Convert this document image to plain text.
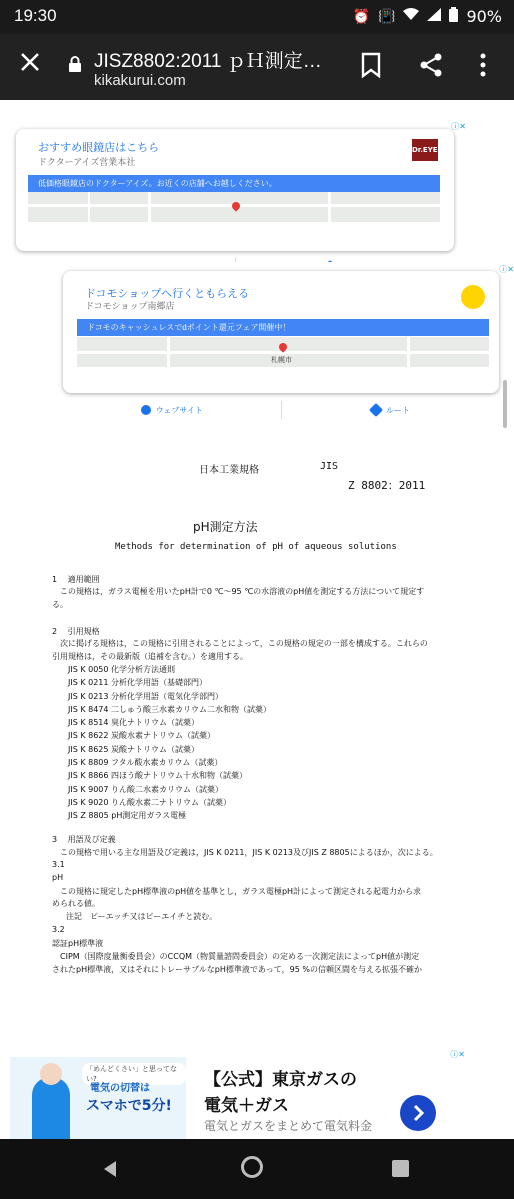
19:30	⏰ 📳	90%
JISZ8802:2011 ｐＨ測定…
kikakurui.com
ⓘ✕
おすすめ眼鏡店はこちら
ドクターアイズ営業本社
Dr.EYEs
低価格眼鏡店のドクターアイズ。お近くの店舗へお越しください。
ⓘ✕
ドコモショップへ行くともらえる
ドコモショップ南郷店
ドコモのキャッシュレスでdポイント還元フェア開催中！
札幌市
ウェブサイト	ルート
日本工業規格	JIS
Z 8802：2011
pH測定方法
Methods for determination of pH of aqueous solutions
1　 適用範囲
この規格は，ガラス電極を用いたpH計で0 ℃～95 ℃の水溶液のpH値を測定する方法について規定す
る。
2　 引用規格
次に掲げる規格は，この規格に引用されることによって，この規格の規定の一部を構成する。これらの
引用規格は，その最新版（追補を含む。）を適用する。
JIS K 0050 化学分析方法通則
JIS K 0211 分析化学用語（基礎部門）
JIS K 0213 分析化学用語（電気化学部門）
JIS K 8474 二しゅう酸三水素カリウム二水和物（試薬）
JIS K 8514 臭化ナトリウム（試薬）
JIS K 8622 炭酸水素ナトリウム（試薬）
JIS K 8625 炭酸ナトリウム（試薬）
JIS K 8809 フタル酸水素カリウム（試薬）
JIS K 8866 四ほう酸ナトリウム十水和物（試薬）
JIS K 9007 りん酸二水素カリウム（試薬）
JIS K 9020 りん酸水素二ナトリウム（試薬）
JIS Z 8805 pH測定用ガラス電極
3　 用語及び定義
この規格で用いる主な用語及び定義は，JIS K 0211，JIS K 0213及びJIS Z 8805によるほか，次による。
3.1
pH
この規格に規定したpH標準液のpH値を基準とし，ガラス電極pH計によって測定される起電力から求
められる値。
注記　ピーエッチ又はピーエイチと読む。
3.2
認証pH標準液
CIPM（国際度量衡委員会）のCCQM（物質量諮問委員会）の定める一次測定法によってpH値が測定
されたpH標準液，又はそれにトレーサブルなpH標準液であって，95 %の信頼区間を与える拡張不確か
ⓘ✕
「めんどくさい」と思ってない?
電気の切替は
スマホで5分!
【公式】東京ガスの
電気＋ガス
電気とガスをまとめて電気料金
